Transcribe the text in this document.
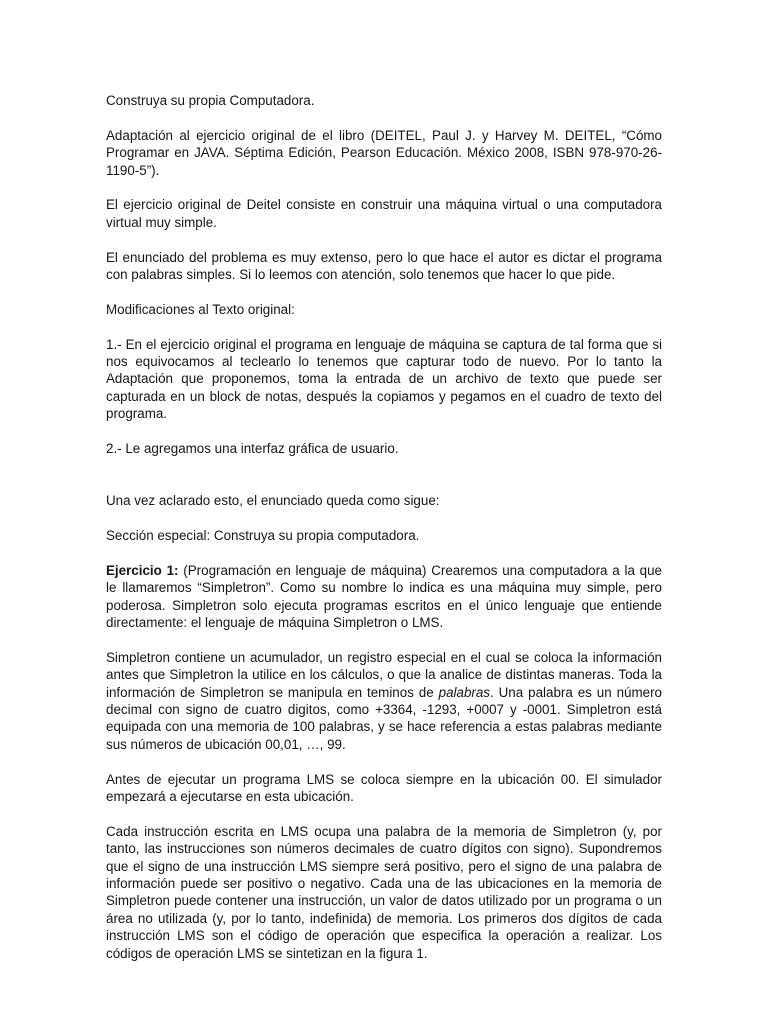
Construya su propia Computadora.

Adaptación al ejercicio original de el libro (DEITEL, Paul J. y Harvey M. DEITEL, “Cómo Programar en JAVA. Séptima Edición, Pearson Educación. México 2008, ISBN 978-970-26-1190-5”).

El ejercicio original de Deitel consiste en construir una máquina virtual o una computadora virtual muy simple.

El enunciado del problema es muy extenso, pero lo que hace el autor es dictar el programa con palabras simples. Si lo leemos con atención, solo tenemos que hacer lo que pide.

Modificaciones al Texto original:

1.- En el ejercicio original el programa en lenguaje de máquina se captura de tal forma que si nos equivocamos al teclearlo lo tenemos que capturar todo de nuevo. Por lo tanto la Adaptación que proponemos, toma la entrada de un archivo de texto que puede ser capturada en un block de notas, después la copiamos y pegamos en el cuadro de texto del programa.

2.- Le agregamos una interfaz gráfica de usuario.

Una vez aclarado esto, el enunciado queda como sigue:

Sección especial: Construya su propia computadora.

Ejercicio 1: (Programación en lenguaje de máquina) Crearemos una computadora a la que le llamaremos “Simpletron”. Como su nombre lo indica es una máquina muy simple, pero poderosa. Simpletron solo ejecuta programas escritos en el único lenguaje que entiende directamente: el lenguaje de máquina Simpletron o LMS.

Simpletron contiene un acumulador, un registro especial en el cual se coloca la información antes que Simpletron la utilice en los cálculos, o que la analice de distintas maneras. Toda la información de Simpletron se manipula en teminos de palabras. Una palabra es un número decimal con signo de cuatro digitos, como +3364, -1293, +0007 y -0001. Simpletron está equipada con una memoria de 100 palabras, y se hace referencia a estas palabras mediante sus números de ubicación 00,01, …, 99.

Antes de ejecutar un programa LMS se coloca siempre en la ubicación 00. El simulador empezará a ejecutarse en esta ubicación.

Cada instrucción escrita en LMS ocupa una palabra de la memoria de Simpletron (y, por tanto, las instrucciones son números decimales de cuatro dígitos con signo). Supondremos que el signo de una instrucción LMS siempre será positivo, pero el signo de una palabra de información puede ser positivo o negativo. Cada una de las ubicaciones en la memoria de Simpletron puede contener una instrucción, un valor de datos utilizado por un programa o un área no utilizada (y, por lo tanto, indefinida) de memoria. Los primeros dos dígitos de cada instrucción LMS son el código de operación que especifica la operación a realizar. Los códigos de operación LMS se sintetizan en la figura 1.
